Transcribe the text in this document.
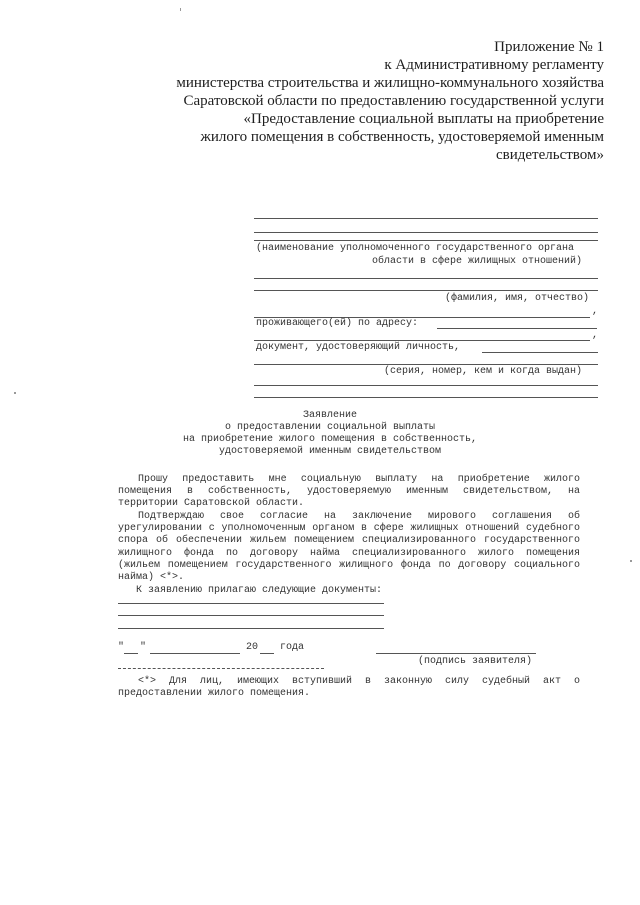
Приложение № 1
к Административному регламенту
министерства строительства и жилищно-коммунального хозяйства
Саратовской области по предоставлению государственной услуги
«Предоставление социальной выплаты на приобретение
жилого помещения в собственность, удостоверяемой именным
свидетельством»
(наименование уполномоченного государственного органа
области в сфере жилищных отношений)
(фамилия, имя, отчество)
,
проживающего(ей) по адресу:
,
документ, удостоверяющий личность,
(серия, номер, кем и когда выдан)
Заявление
о предоставлении социальной выплаты
на приобретение жилого помещения в собственность,
удостоверяемой именным свидетельством
Прошу предоставить мне социальную выплату на приобретение жилого помещения в собственность, удостоверяемую именным свидетельством, на территории Саратовской области.
Подтверждаю свое согласие на заключение мирового соглашения об урегулировании с уполномоченным органом в сфере жилищных отношений судебного спора об обеспечении жильем помещением специализированного государственного жилищного фонда по договору найма специализированного жилого помещения (жильем помещением государственного жилищного фонда по договору социального найма) <*>.
К заявлению прилагаю следующие документы:
" "	20 года
(подпись заявителя)
<*> Для лиц, имеющих вступивший в законную силу судебный акт о предоставлении жилого помещения.
